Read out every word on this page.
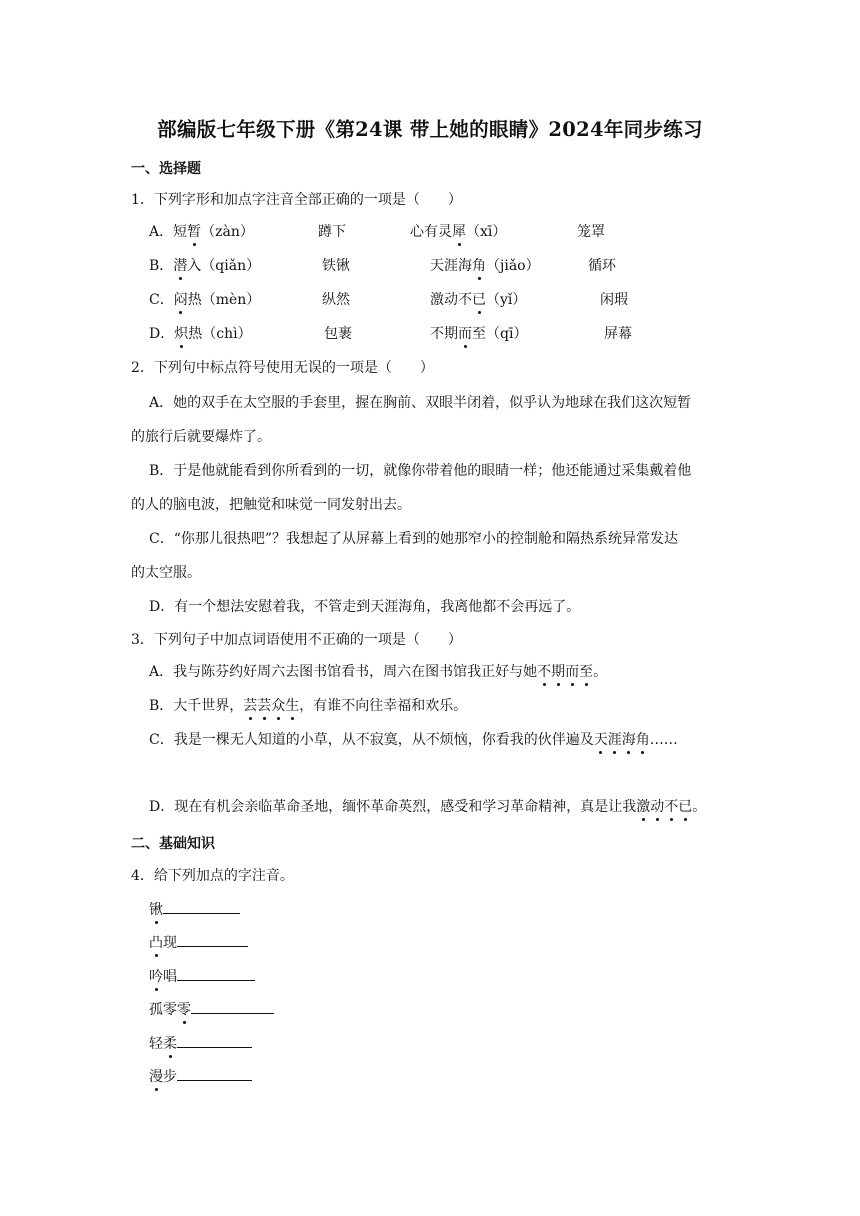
部编版七年级下册《第24课 带上她的眼睛》2024年同步练习
一、选择题
1．下列字形和加点字注音全部正确的一项是（　　）
A．短暂（zàn）	蹲下	心有灵犀（xī）	笼罩
B．潜入（qiǎn）	铁锹	天涯海角（jiǎo）	循环
C．闷热（mèn）	纵然	激动不已（yǐ）	闲瑕
D．炽热（chì）	包裹	不期而至（qī）	屏幕
2．下列句中标点符号使用无误的一项是（　　）
A．她的双手在太空服的手套里，握在胸前、双眼半闭着，似乎认为地球在我们这次短暂
的旅行后就要爆炸了。
B．于是他就能看到你所看到的一切，就像你带着他的眼睛一样；他还能通过采集戴着他
的人的脑电波，把触觉和味觉一同发射出去。
C．“你那儿很热吧”？我想起了从屏幕上看到的她那窄小的控制舱和隔热系统异常发达
的太空服。
D．有一个想法安慰着我，不管走到天涯海角，我离他都不会再远了。
3．下列句子中加点词语使用不正确的一项是（　　）
A．我与陈芬约好周六去图书馆看书，周六在图书馆我正好与她不期而至。
B．大千世界，芸芸众生，有谁不向往幸福和欢乐。
C．我是一棵无人知道的小草，从不寂寞，从不烦恼，你看我的伙伴遍及天涯海角……
D．现在有机会亲临革命圣地，缅怀革命英烈，感受和学习革命精神，真是让我激动不已。
二、基础知识
4．给下列加点的字注音。
锹
凸现
吟唱
孤零零
轻柔
漫步
